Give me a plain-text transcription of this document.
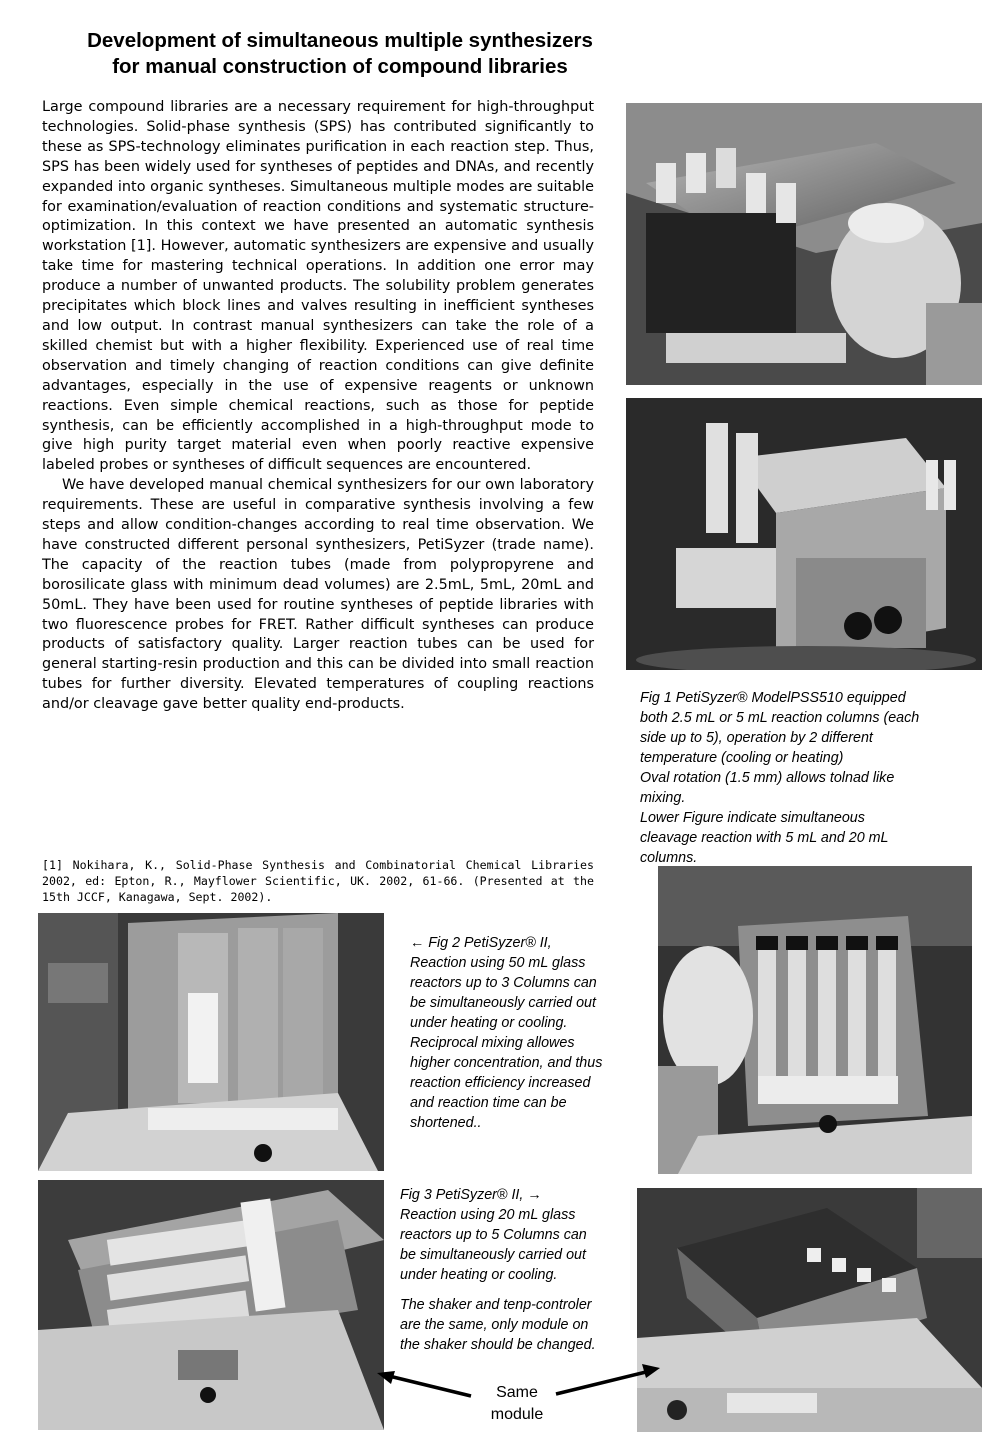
Development of simultaneous multiple synthesizers
for manual construction of compound libraries

Large compound libraries are a necessary requirement for high-throughput technologies. Solid-phase synthesis (SPS) has contributed significantly to these as SPS-technology eliminates purification in each reaction step. Thus, SPS has been widely used for syntheses of peptides and DNAs, and recently expanded into organic syntheses. Simultaneous multiple modes are suitable for examination/evaluation of reaction conditions and systematic structure-optimization. In this context we have presented an automatic synthesis workstation [1]. However, automatic synthesizers are expensive and usually take time for mastering technical operations. In addition one error may produce a number of unwanted products. The solubility problem generates precipitates which block lines and valves resulting in inefficient syntheses and low output. In contrast manual synthesizers can take the role of a skilled chemist but with a higher flexibility. Experienced use of real time observation and timely changing of reaction conditions can give definite advantages, especially in the use of expensive reagents or unknown reactions. Even simple chemical reactions, such as those for peptide synthesis, can be efficiently accomplished in a high-throughput mode to give high purity target material even when poorly reactive expensive labeled probes or syntheses of difficult sequences are encountered.

We have developed manual chemical synthesizers for our own laboratory requirements. These are useful in comparative synthesis involving a few steps and allow condition-changes according to real time observation. We have constructed different personal synthesizers, PetiSyzer (trade name). The capacity of the reaction tubes (made from polypropyrene and borosilicate glass with minimum dead volumes) are 2.5mL, 5mL, 20mL and 50mL. They have been used for routine syntheses of peptide libraries with two fluorescence probes for FRET. Rather difficult syntheses can produce products of satisfactory quality. Larger reaction tubes can be used for general starting-resin production and this can be divided into small reaction tubes for further diversity. Elevated temperatures of coupling reactions and/or cleavage gave better quality end-products.

[1] Nokihara, K., Solid-Phase Synthesis and Combinatorial Chemical Libraries 2002, ed: Epton, R., Mayflower Scientific, UK. 2002, 61-66. (Presented at the 15th JCCF, Kanagawa, Sept. 2002).

Fig 1 PetiSyzer® ModelPSS510 equipped

both 2.5 mL or 5 mL reaction columns (each

side up to 5), operation by 2 different

temperature (cooling or heating)

Oval rotation (1.5 mm) allows tolnad like

mixing.

Lower Figure indicate simultaneous

cleavage reaction with 5 mL and 20 mL

columns.

← Fig 2 PetiSyzer® II,

Reaction using 50 mL glass

reactors up to 3 Columns can

be simultaneously carried out

under heating or cooling.

Reciprocal mixing allowes

higher concentration, and thus

reaction efficiency increased

and reaction time can be

shortened..

Fig 3 PetiSyzer® II, →

Reaction using 20 mL glass

reactors up to 5 Columns can

be simultaneously carried out

under heating or cooling.

The shaker and tenp-controler

are the same, only module on

the shaker should be changed.

Same
module
